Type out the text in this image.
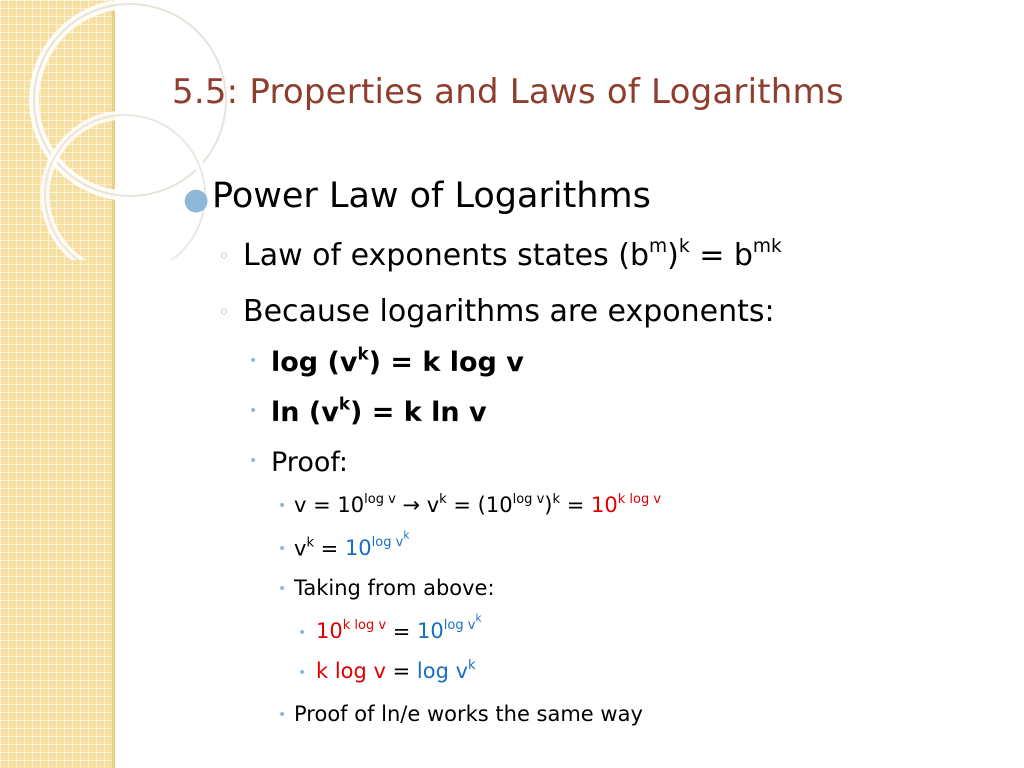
5.5: Properties and Laws of Logarithms
● Power Law of Logarithms
◦ Law of exponents states $(b^m)^k = b^{mk}$
◦ Because logarithms are exponents:
• $\log (v^k) = k$ log v
• $\ln (v^k) = k$ ln v
• Proof:
• $v = 10^{log v} \to v^k = (10^{log v})^k = 10^{k log v}$
• $v^k = 10^{log v^k}$
• Taking from above:
• $10^{k log v} = 10^{log v^k}$
• k $\log v = \log v^k$
• Proof of ln/e works the same way
